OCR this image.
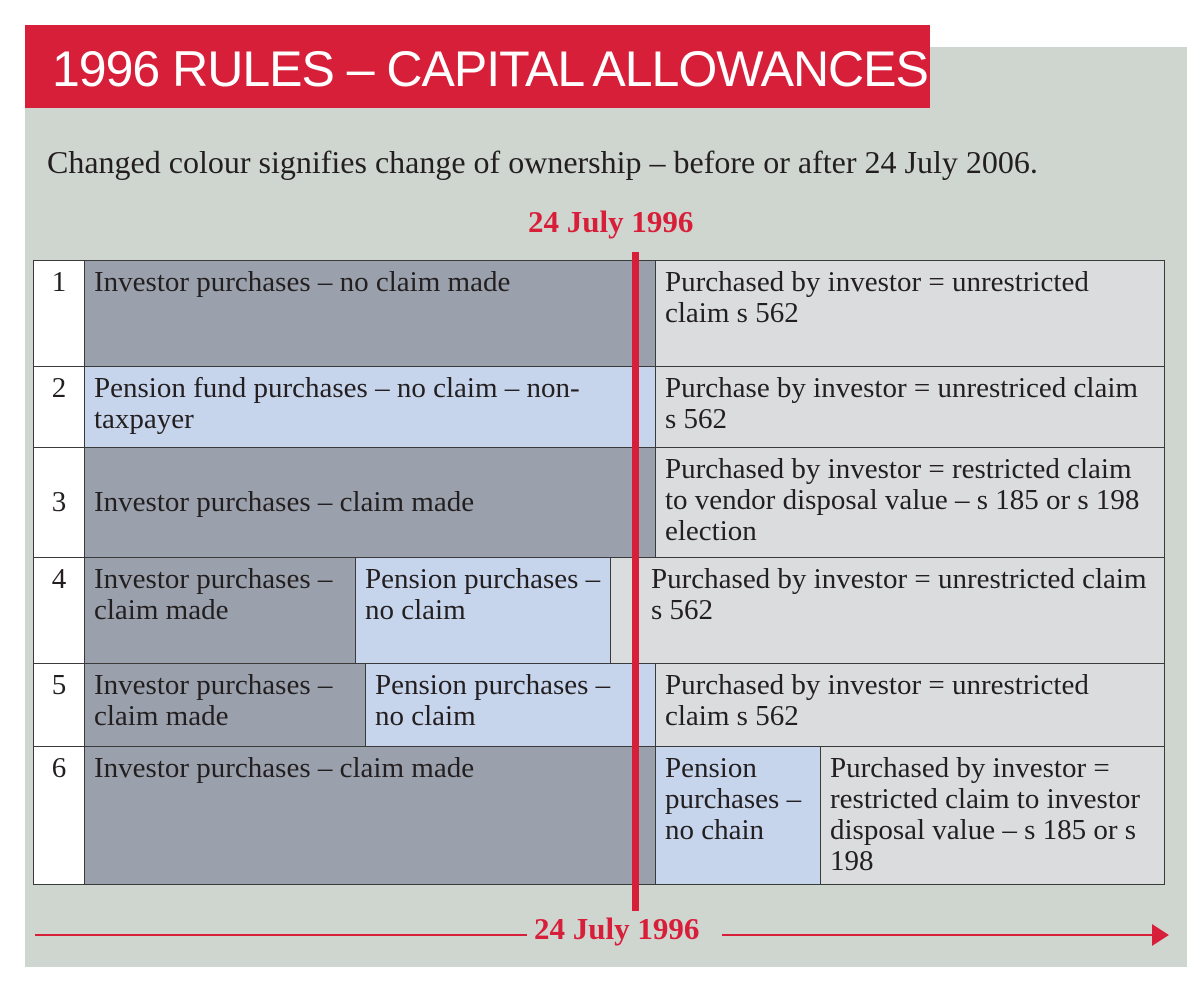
1996 RULES – CAPITAL ALLOWANCES
Changed colour signifies change of ownership – before or after 24 July 2006.
24 July 1996
1 Investor purchases – no claim made	Purchased by investor = unrestricted claim s 562
2 Pension fund purchases – no claim – non-taxpayer
Purchase by investor = unrestriced claim s 562
3 Investor purchases – claim made
Purchased by investor = restricted claim to vendor disposal value – s 185 or s 198 election
4 Investor purchases – claim made
Pension purchases – no claim
Purchased by investor = unrestricted claim s 562
5 Investor purchases – claim made
Pension purchases – no claim
Purchased by investor = unrestricted claim s 562
6 Investor purchases – claim made	Pension purchases – no chain
Purchased by investor = restricted claim to investor disposal value – s 185 or s 198
24 July 1996
